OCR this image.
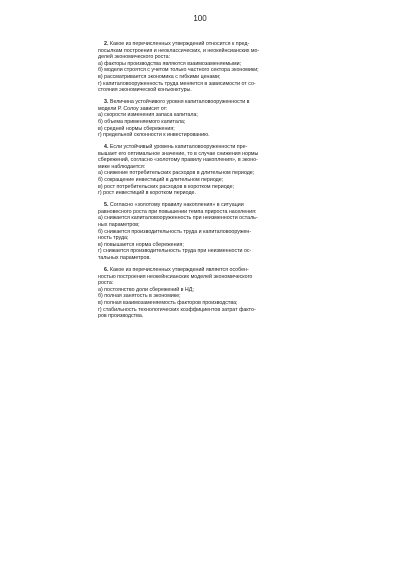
100
2. Какое из перечисленных утверждений относится к пред-
посылкам построения и неоклассических, и неокейнсианских мо-
делей экономического роста:
а) факторы производства являются взаимозаменяемыми;
б) модели строятся с учетом только частного сектора экономики;
в) рассматривается экономика с гибкими ценами;
г) капиталовооруженность труда меняется в зависимости от со-
стояния экономической конъюнктуры.
3. Величина устойчивого уровня капиталовооруженности в
модели Р. Солоу зависит от:
а) скорости изменения запаса капитала;
б) объема применяемого капитала;
в) средней нормы сбережения;
г) предельной склонности к инвестированию.
4. Если устойчивый уровень капиталовооруженности пре-
вышает его оптимальное значение, то в случае снижения нормы
сбережений, согласно «золотому правилу накопления», в эконо-
мике наблюдается:
а) снижение потребительских расходов в длительном периоде;
б) сокращение инвестиций в длительном периоде;
в) рост потребительских расходов в коротком периоде;
г) рост инвестиций в коротком периоде.
5. Согласно «золотому правилу накопления» в ситуации
равновесного роста при повышении темпа прироста населения:
а) снижается капиталовооруженность при неизменности осталь-
ных параметров;
б) снижается производительность труда и капиталовооружен-
ность труда;
в) повышается норма сбережения;
г) снижается производительность труда при неизменности ос-
тальных параметров.
6. Какое из перечисленных утверждений является особен-
ностью построения неокейнсианских моделей экономического
роста:
а) постоянство доли сбережений в НД;
б) полная занятость в экономике;
в) полная взаимозаменяемость факторов производства;
г) стабильность технологических коэффициентов затрат факто-
ров производства.
